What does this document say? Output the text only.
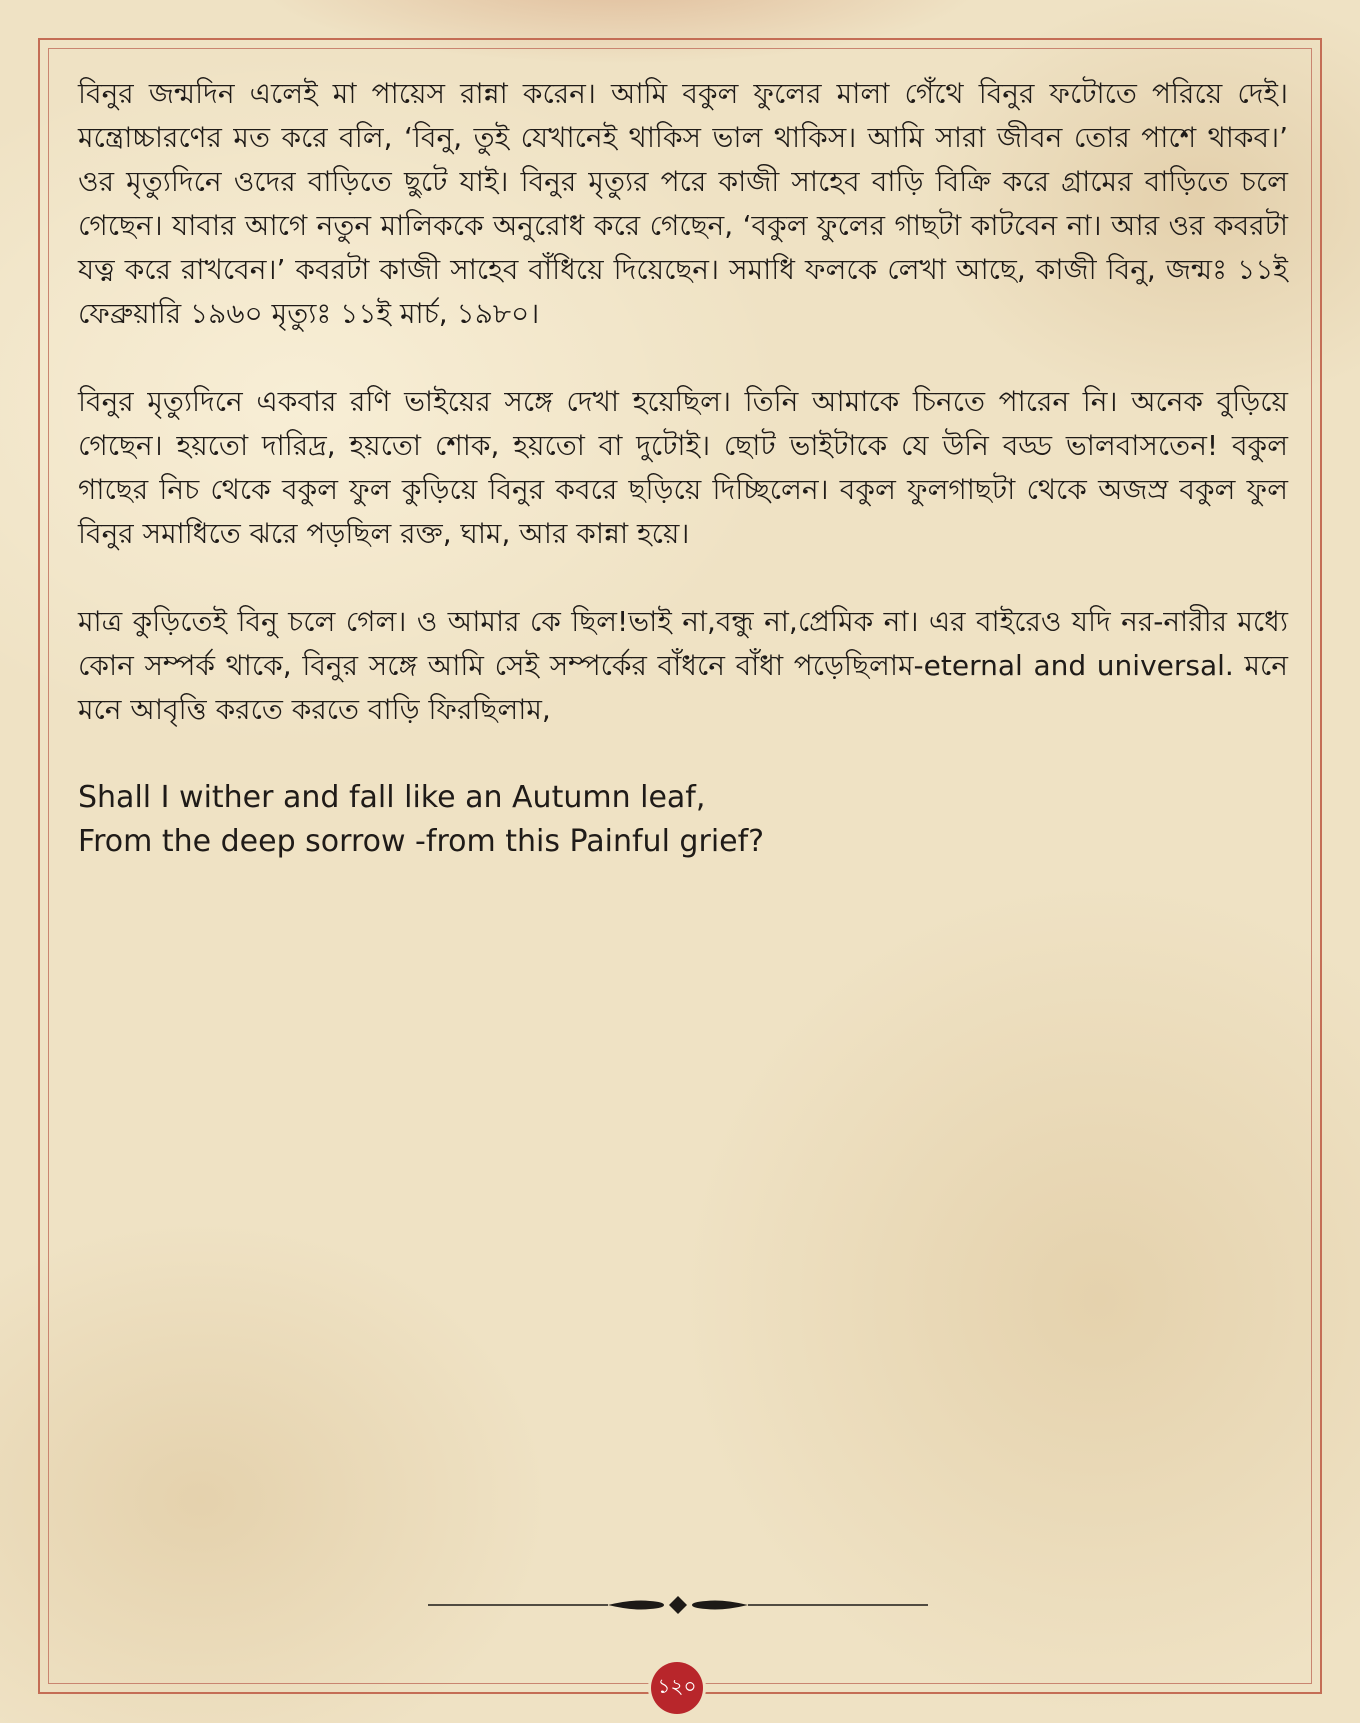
বিনুর জন্মদিন এলেই মা পায়েস রান্না করেন। আমি বকুল ফুলের মালা গেঁথে বিনুর ফটোতে পরিয়ে দেই। মন্ত্রোচ্চারণের মত করে বলি, ‘বিনু, তুই যেখানেই থাকিস ভাল থাকিস। আমি সারা জীবন তোর পাশে থাকব।’ ওর মৃত্যুদিনে ওদের বাড়িতে ছুটে যাই। বিনুর মৃত্যুর পরে কাজী সাহেব বাড়ি বিক্রি করে গ্রামের বাড়িতে চলে গেছেন। যাবার আগে নতুন মালিককে অনুরোধ করে গেছেন, ‘বকুল ফুলের গাছটা কাটবেন না। আর ওর কবরটা যত্ন করে রাখবেন।’ কবরটা কাজী সাহেব বাঁধিয়ে দিয়েছেন। সমাধি ফলকে লেখা আছে, কাজী বিনু, জন্মঃ ১১ই ফেব্রুয়ারি ১৯৬০ মৃত্যুঃ ১১ই মার্চ, ১৯৮০।

বিনুর মৃত্যুদিনে একবার রণি ভাইয়ের সঙ্গে দেখা হয়েছিল। তিনি আমাকে চিনতে পারেন নি। অনেক বুড়িয়ে গেছেন। হয়তো দারিদ্র, হয়তো শোক, হয়তো বা দুটোই। ছোট ভাইটাকে যে উনি বড্ড ভালবাসতেন! বকুল গাছের নিচ থেকে বকুল ফুল কুড়িয়ে বিনুর কবরে ছড়িয়ে দিচ্ছিলেন। বকুল ফুলগাছটা থেকে অজস্র বকুল ফুল বিনুর সমাধিতে ঝরে পড়ছিল রক্ত, ঘাম, আর কান্না হয়ে।

মাত্র কুড়িতেই বিনু চলে গেল। ও আমার কে ছিল!ভাই না,বন্ধু না,প্রেমিক না। এর বাইরেও যদি নর-নারীর মধ্যে কোন সম্পর্ক থাকে, বিনুর সঙ্গে আমি সেই সম্পর্কের বাঁধনে বাঁধা পড়েছিলাম-eternal and universal. মনে মনে আবৃত্তি করতে করতে বাড়ি ফিরছিলাম,

Shall I wither and fall like an Autumn leaf,
From the deep sorrow -from this Painful grief?
১২০
